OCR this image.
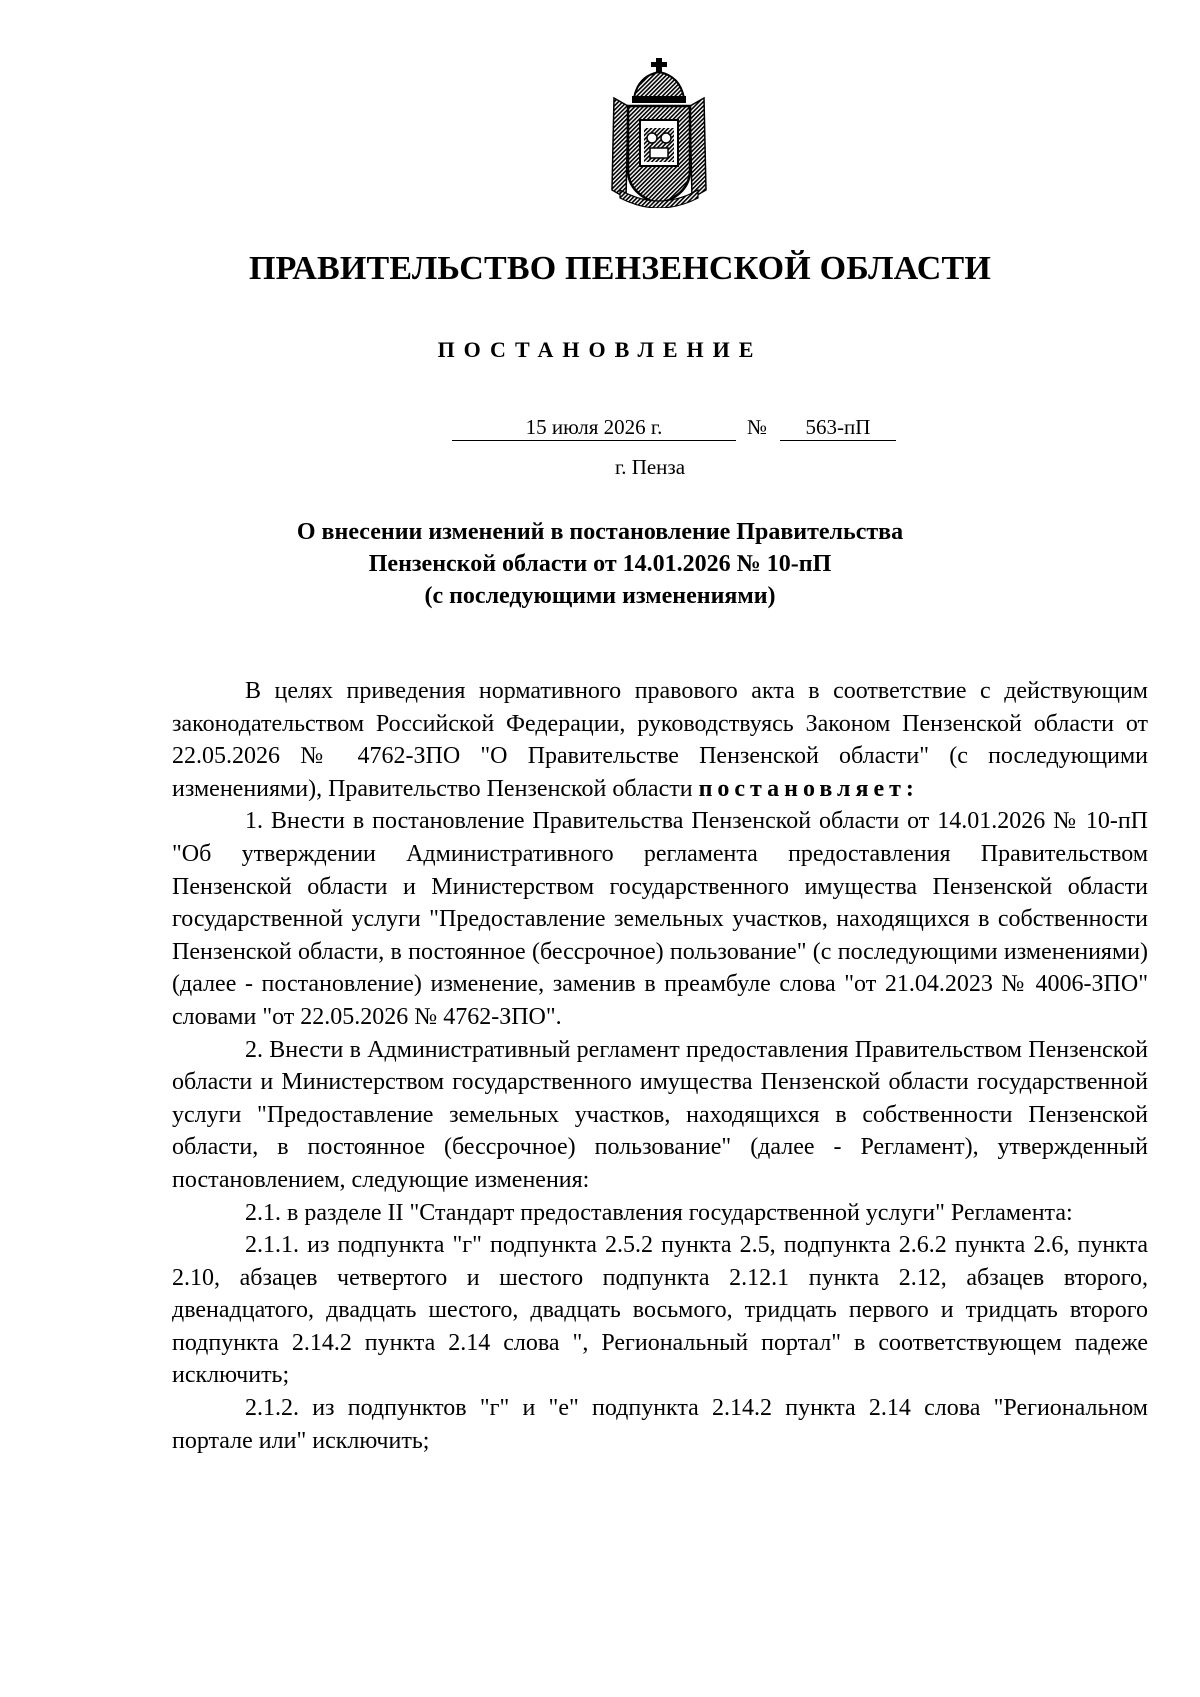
ПРАВИТЕЛЬСТВО ПЕНЗЕНСКОЙ ОБЛАСТИ
ПОСТАНОВЛЕНИЕ
15 июля 2026 г.	№	563-пП
г. Пенза
О внесении изменений в постановление Правительства
Пензенской области от 14.01.2026 № 10-пП
(с последующими изменениями)

В целях приведения нормативного правового акта в соответствие с действующим законодательством Российской Федерации, руководствуясь Законом Пензенской области от 22.05.2026 № 4762-ЗПО "О Правительстве Пензенской области" (с последующими изменениями), Правительство Пензенской области постановляет:

1. Внести в постановление Правительства Пензенской области от 14.01.2026 № 10-пП "Об утверждении Административного регламента предоставления Правительством Пензенской области и Министерством государственного имущества Пензенской области государственной услуги "Предоставление земельных участков, находящихся в собственности Пензенской области, в постоянное (бессрочное) пользование" (с последующими изменениями) (далее - постановление) изменение, заменив в преамбуле слова "от 21.04.2023 № 4006-ЗПО" словами "от 22.05.2026 № 4762-ЗПО".

2. Внести в Административный регламент предоставления Правительством Пензенской области и Министерством государственного имущества Пензенской области государственной услуги "Предоставление земельных участков, находящихся в собственности Пензенской области, в постоянное (бессрочное) пользование" (далее - Регламент), утвержденный постановлением, следующие изменения:

2.1. в разделе II "Стандарт предоставления государственной услуги" Регламента:

2.1.1. из подпункта "г" подпункта 2.5.2 пункта 2.5, подпункта 2.6.2 пункта 2.6, пункта 2.10, абзацев четвертого и шестого подпункта 2.12.1 пункта 2.12, абзацев второго, двенадцатого, двадцать шестого, двадцать восьмого, тридцать первого и тридцать второго подпункта 2.14.2 пункта 2.14 слова ", Региональный портал" в соответствующем падеже исключить;

2.1.2. из подпунктов "г" и "е" подпункта 2.14.2 пункта 2.14 слова "Региональном портале или" исключить;
